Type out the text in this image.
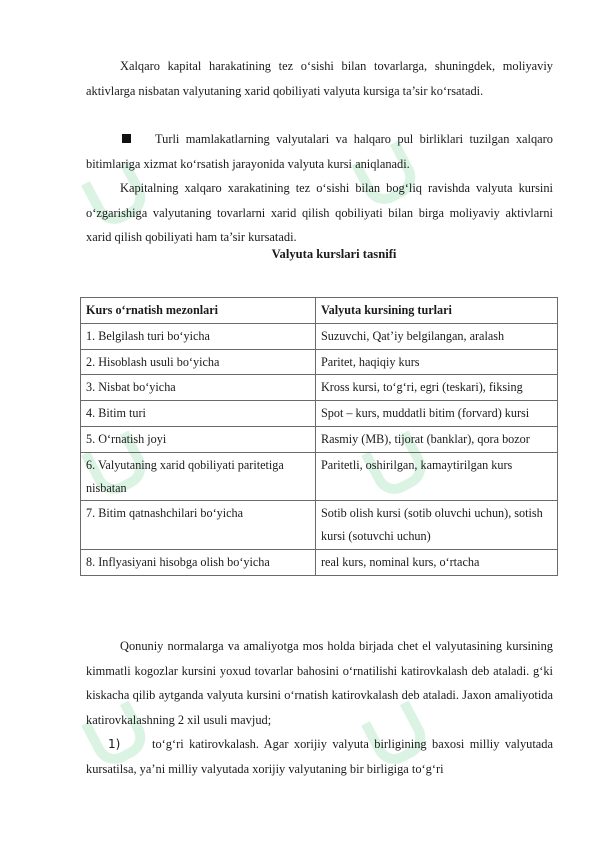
Xalqaro kapital harakatining tez o‘sishi bilan tovarlarga, shuningdek, moliyaviy aktivlarga nisbatan valyutaning xarid qobiliyati valyuta kursiga ta’sir ko‘rsatadi.

Turli mamlakatlarning valyutalari va halqaro pul birliklari tuzilgan xalqaro bitimlariga xizmat ko‘rsatish jarayonida valyuta kursi aniqlanadi.

Kapitalning xalqaro xarakatining tez o‘sishi bilan bog‘liq ravishda valyuta kursini o‘zgarishiga valyutaning tovarlarni xarid qilish qobiliyati bilan birga moliyaviy aktivlarni xarid qilish qobiliyati ham ta’sir kursatadi.

Valyuta kurslari tasnifi
Kurs o‘rnatish mezonlari	Valyuta kursining turlari
1. Belgilash turi bo‘yicha	Suzuvchi, Qat’iy belgilangan, aralash
2. Hisoblash usuli bo‘yicha	Paritet, haqiqiy kurs
3. Nisbat bo‘yicha	Kross kursi, to‘g‘ri, egri (teskari), fiksing
4. Bitim turi	Spot – kurs, muddatli bitim (forvard) kursi
5. O‘rnatish joyi	Rasmiy (MB), tijorat (banklar), qora bozor
6. Valyutaning xarid qobiliyati paritetiga nisbatan	Paritetli, oshirilgan, kamaytirilgan kurs
7. Bitim qatnashchilari bo‘yicha	Sotib olish kursi (sotib oluvchi uchun), sotish kursi (sotuvchi uchun)
8. Inflyasiyani hisobga olish bo‘yicha	real kurs, nominal kurs, o‘rtacha

Qonuniy normalarga va amaliyotga mos holda birjada chet el valyutasining kursining kimmatli kogozlar kursini yoxud tovarlar bahosini o‘rnatilishi katirovkalash deb ataladi. g‘ki kiskacha qilib aytganda valyuta kursini o‘rnatish katirovkalash deb ataladi. Jaxon amaliyotida katirovkalashning 2 xil usuli mavjud;

1)	to‘g‘ri katirovkalash. Agar xorijiy valyuta birligining baxosi milliy valyutada kursatilsa, ya’ni milliy valyutada xorijiy valyutaning bir birligiga to‘g‘ri
